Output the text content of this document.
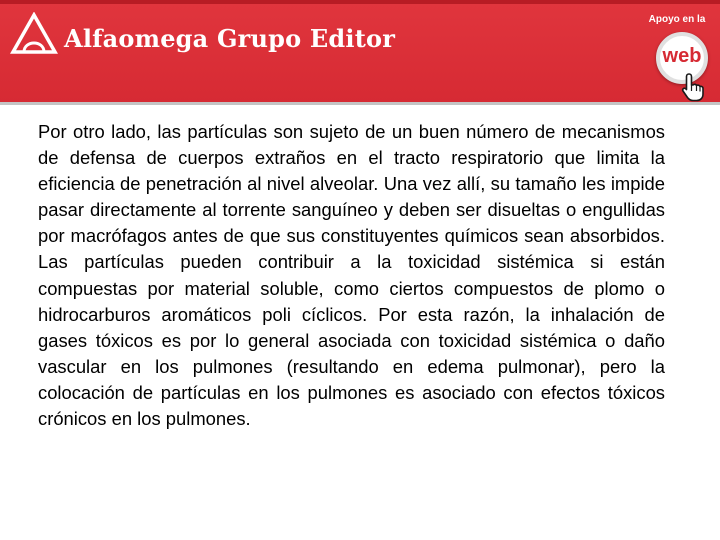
Alfaomega Grupo Editor
Apoyo en la
web

Por otro lado, las partículas son sujeto de un buen número de mecanismos de defensa de cuerpos extraños en el tracto respiratorio que limita la eficiencia de penetración al nivel alveolar. Una vez allí, su tamaño les impide pasar directamente al torrente sanguíneo y deben ser disueltas o engullidas por macrófagos antes de que sus constituyentes químicos sean absorbidos. Las partículas pueden contribuir a la toxicidad sistémica si están compuestas por material soluble, como ciertos compuestos de plomo o hidrocarburos aromáticos poli cíclicos. Por esta razón, la inhalación de gases tóxicos es por lo general asociada con toxicidad sistémica o daño vascular en los pulmones (resultando en edema pulmonar), pero la colocación de partículas en los pulmones es asociado con efectos tóxicos crónicos en los pulmones.
